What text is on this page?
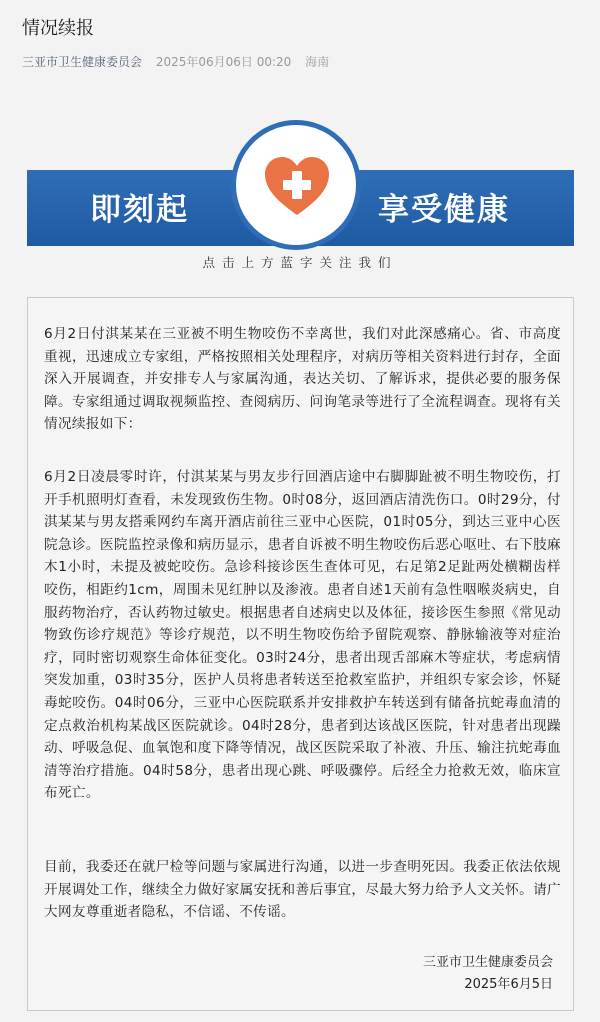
情况续报
三亚市卫生健康委员会 2025年06月06日 00:20 海南
即刻起	享受健康
点击上方蓝字关注我们

6月2日付淇某某在三亚被不明生物咬伤不幸离世，我们对此深感痛心。省、市高度重视，迅速成立专家组，严格按照相关处理程序，对病历等相关资料进行封存，全面深入开展调查，并安排专人与家属沟通，表达关切、了解诉求，提供必要的服务保障。专家组通过调取视频监控、查阅病历、问询笔录等进行了全流程调查。现将有关情况续报如下：

6月2日凌晨零时许，付淇某某与男友步行回酒店途中右脚脚趾被不明生物咬伤，打开手机照明灯查看，未发现致伤生物。0时08分，返回酒店清洗伤口。0时29分，付淇某某与男友搭乘网约车离开酒店前往三亚中心医院，01时05分，到达三亚中心医院急诊。医院监控录像和病历显示，患者自诉被不明生物咬伤后恶心呕吐、右下肢麻木1小时，未提及被蛇咬伤。急诊科接诊医生查体可见，右足第2足趾两处横糊齿样咬伤，相距约1cm，周围未见红肿以及渗液。患者自述1天前有急性咽喉炎病史，自服药物治疗，否认药物过敏史。根据患者自述病史以及体征，接诊医生参照《常见动物致伤诊疗规范》等诊疗规范，以不明生物咬伤给予留院观察、静脉输液等对症治疗，同时密切观察生命体征变化。03时24分，患者出现舌部麻木等症状，考虑病情突发加重，03时35分，医护人员将患者转送至抢救室监护，并组织专家会诊，怀疑毒蛇咬伤。04时06分，三亚中心医院联系并安排救护车转送到有储备抗蛇毒血清的定点救治机构某战区医院就诊。04时28分，患者到达该战区医院，针对患者出现躁动、呼吸急促、血氧饱和度下降等情况，战区医院采取了补液、升压、输注抗蛇毒血清等治疗措施。04时58分，患者出现心跳、呼吸骤停。后经全力抢救无效，临床宣布死亡。

目前，我委还在就尸检等问题与家属进行沟通，以进一步查明死因。我委正依法依规开展调处工作，继续全力做好家属安抚和善后事宜，尽最大努力给予人文关怀。请广大网友尊重逝者隐私，不信谣、不传谣。

三亚市卫生健康委员会
2025年6月5日
